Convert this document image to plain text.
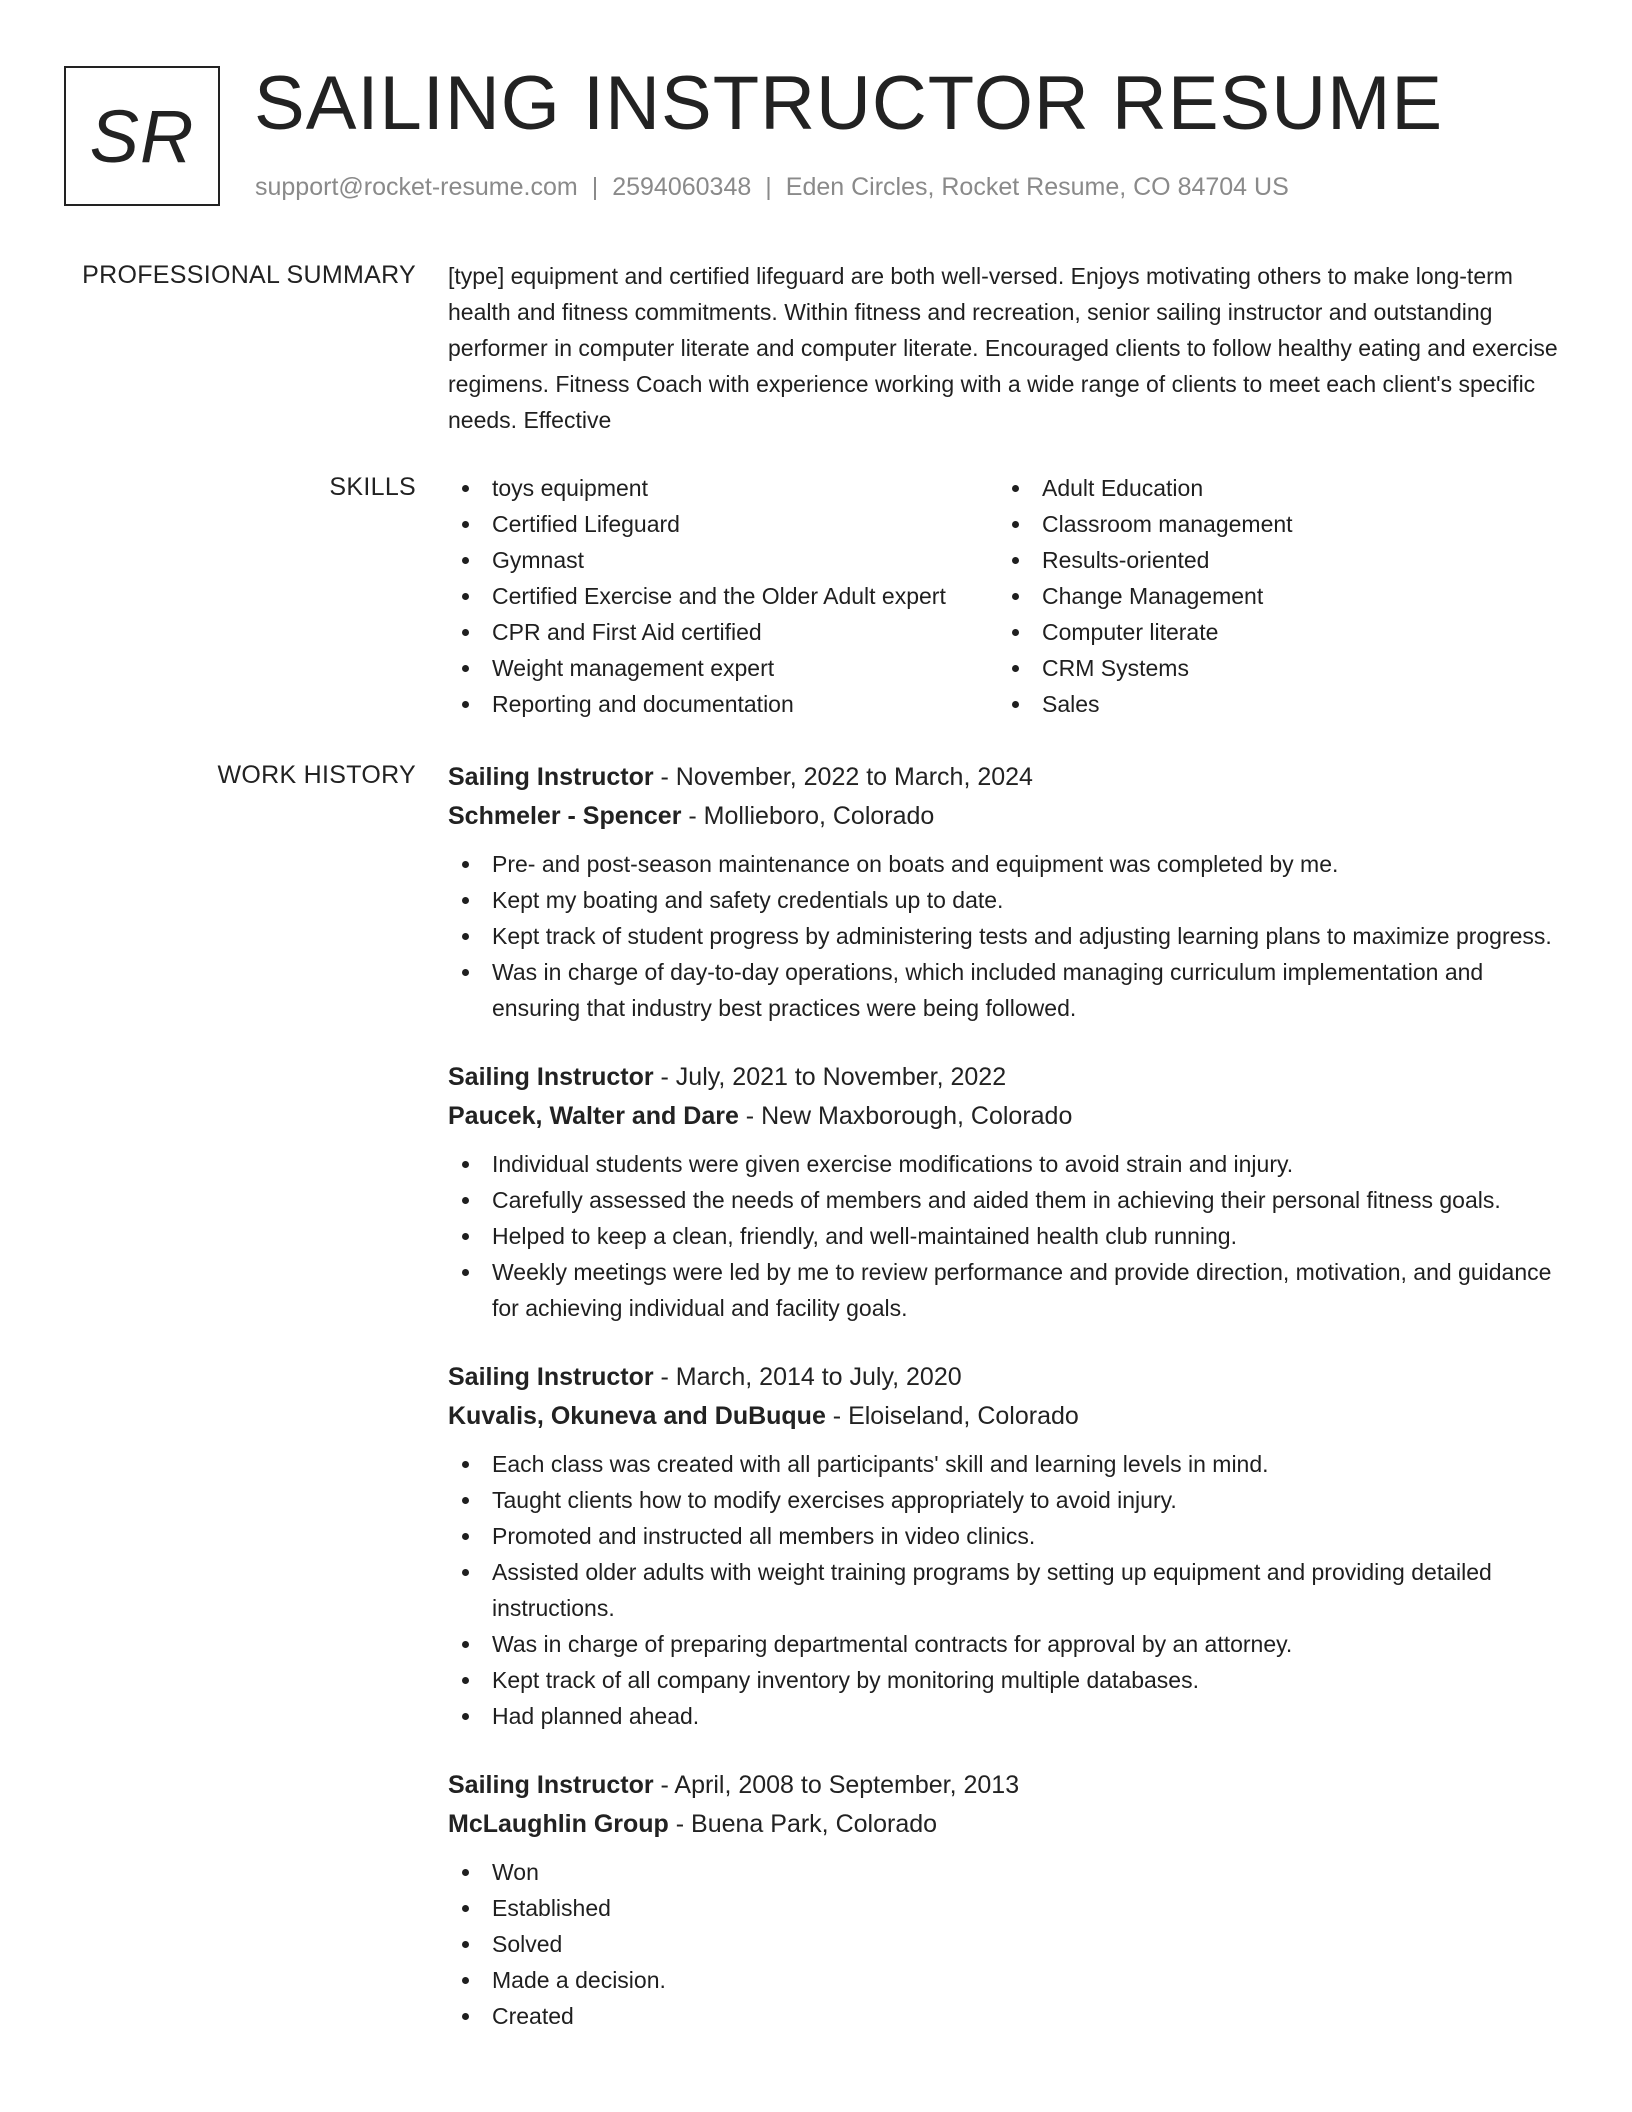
SR SAILING INSTRUCTOR RESUME
support@rocket-resume.com | 2594060348 | Eden Circles, Rocket Resume, CO 84704 US
PROFESSIONAL SUMMARY [type] equipment and certified lifeguard are both well-versed. Enjoys motivating others to make long-term health and fitness commitments. Within fitness and recreation, senior sailing instructor and outstanding performer in computer literate and computer literate. Encouraged clients to follow healthy eating and exercise regimens. Fitness Coach with experience working with a wide range of clients to meet each client's specific needs. Effective

SKILLS	toys equipment
Certified Lifeguard
Gymnast
Certified Exercise and the Older Adult expert
CPR and First Aid certified
Weight management expert
Reporting and documentation
Adult Education
Classroom management
Results-oriented
Change Management
Computer literate
CRM Systems
Sales
WORK HISTORY Sailing Instructor - November, 2022 to March, 2024
Schmeler - Spencer - Mollieboro, Colorado
Pre- and post-season maintenance on boats and equipment was completed by me.
Kept my boating and safety credentials up to date.
Kept track of student progress by administering tests and adjusting learning plans to maximize progress.
Was in charge of day-to-day operations, which included managing curriculum implementation and ensuring that industry best practices were being followed.
Sailing Instructor - July, 2021 to November, 2022
Paucek, Walter and Dare - New Maxborough, Colorado
Individual students were given exercise modifications to avoid strain and injury.
Carefully assessed the needs of members and aided them in achieving their personal fitness goals.
Helped to keep a clean, friendly, and well-maintained health club running.
Weekly meetings were led by me to review performance and provide direction, motivation, and guidance for achieving individual and facility goals.
Sailing Instructor - March, 2014 to July, 2020
Kuvalis, Okuneva and DuBuque - Eloiseland, Colorado
Each class was created with all participants' skill and learning levels in mind.
Taught clients how to modify exercises appropriately to avoid injury.
Promoted and instructed all members in video clinics.
Assisted older adults with weight training programs by setting up equipment and providing detailed instructions.
Was in charge of preparing departmental contracts for approval by an attorney.
Kept track of all company inventory by monitoring multiple databases.
Had planned ahead.
Sailing Instructor - April, 2008 to September, 2013
McLaughlin Group - Buena Park, Colorado
Won
Established
Solved
Made a decision.
Created
